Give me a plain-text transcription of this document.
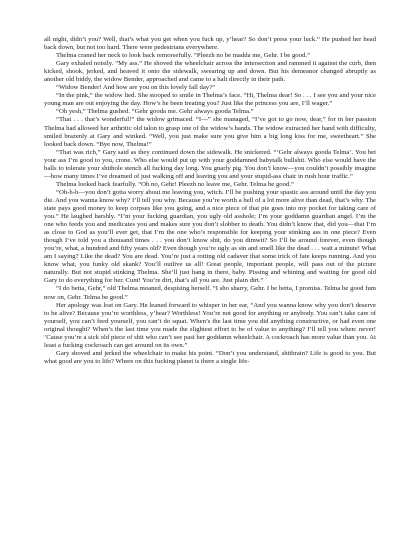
all night, didn’t you? Well, that’s what you get when you fuck up, y’hear? So don’t press your luck.” He pushed her head back down, but not too hard. There were pedestrians everywhere.

Thelma craned her neck to look back remorsefully. “Pleezh no be madda me, Gehr. I be good.”

Gary exhaled noisily. “My ass.” He shoved the wheelchair across the intersection and rammed it against the curb, then kicked, shook, jerked, and heaved it onto the sidewalk, swearing up and down. But his demeanor changed abruptly as another old biddy, the widow Bender, approached and came to a halt directly in their path.

“Widow Bender! And how are you on this lovely fall day?”

“In the pink,” the widow lied. She stooped to smile in Thelma’s face. “Hi, Thelma dear! So . . . I see you and your nice young man are out enjoying the day. How’s he been treating you? Just like the princess you are, I’ll wager.”

“Oh yesh,” Thelma gushed. “Gehr gooda me. Gehr always gooda Telma.”

“That . . . that’s wonderful!” the widow grimaced. “I—” she managed, “I’ve got to go now, dear,” for in her passion Thelma had allowed her arthritic old talon to grasp one of the widow’s hands. The widow extracted her hand with difficulty, smiled brazenly at Gary and winked. “Well, you just make sure you give him a big long kiss for me, sweetheart.” She looked back down. “Bye now, Thelma!”

“That was rich,” Gary said as they continued down the sidewalk. He snickered. “‘Gehr always gooda Telma’. You bet your ass I’m good to you, crone. Who else would put up with your goddamned babytalk bullshit. Who else would have the balls to tolerate your shithole stench all fucking day long. You gnarly pig. You don’t know—you couldn’t possibly imagine—how many times I’ve dreamed of just walking off and leaving you and your stupid-ass chair in rush hour traffic.”

Thelma looked back fearfully. “Oh no, Gehr! Pleezh no leave me, Gehr. Telma be good.”

“Oh-h-h—you don’t gotta worry about me leaving you, witch. I’ll be pushing your spastic ass around until the day you die. And you wanna know why? I’ll tell you why. Because you’re worth a hell of a lot more alive than dead, that’s why. The state pays good money to keep corpses like you going, and a nice piece of that pie goes into my pocket for taking care of you.” He laughed harshly. “I’m your fucking guardian, you ugly old asshole; I’m your goddamn guardian angel. I’m the one who feeds you and medicates you and makes sure you don’t slobber to death. You didn’t know that, did you—that I’m as close to God as you’ll ever get, that I’m the one who’s responsible for keeping your stinking ass in one piece? Even though I’ve told you a thousand times . . . you don’t know shit, do you dimwit? So I’ll be around forever, even though you’re, what, a hundred and fifty years old? Even though you’re ugly as sin and smell like the dead . . . wait a minute! What am I saying? Like the dead? You are dead. You’re just a rotting old cadaver that some trick of fate keeps running. And you know what, you funky old skank? You’ll outlive us all! Great people, important people, will pass out of the picture naturally. But not stupid stinking Thelma. She’ll just hang in there, baby. Pissing and whining and waiting for good old Gary to do everything for her. Cunt! You’re dirt, that’s all you are. Just plain dirt.”

“I do betta, Gehr,” old Thelma moaned, despising herself. “I sho sharry, Gehr. I be betta, I promiss. Telma be good fum now on, Gehr. Telma be good.”

Her apology was lost on Gary. He leaned forward to whisper in her ear, “And you wanna know why you don’t deserve to be alive? Because you’re worthless, y’hear? Worthless! You’re not good for anything or anybody. You can’t take care of yourself, you can’t feed yourself, you can’t do squat. When’s the last time you did anything constructive, or had even one original thought? When’s the last time you made the slightest effort to be of value to anything? I’ll tell you when: never! ’Cause you’re a sick old piece of shit who can’t see past her goddamn wheelchair. A cockroach has more value than you. At least a fucking cockroach can get around on its own.”

Gary shoved and jerked the wheelchair to make his point. “Don’t you understand, shitbrain? Life is good to you. But what good are you to life? Where on this fucking planet is there a single life-
